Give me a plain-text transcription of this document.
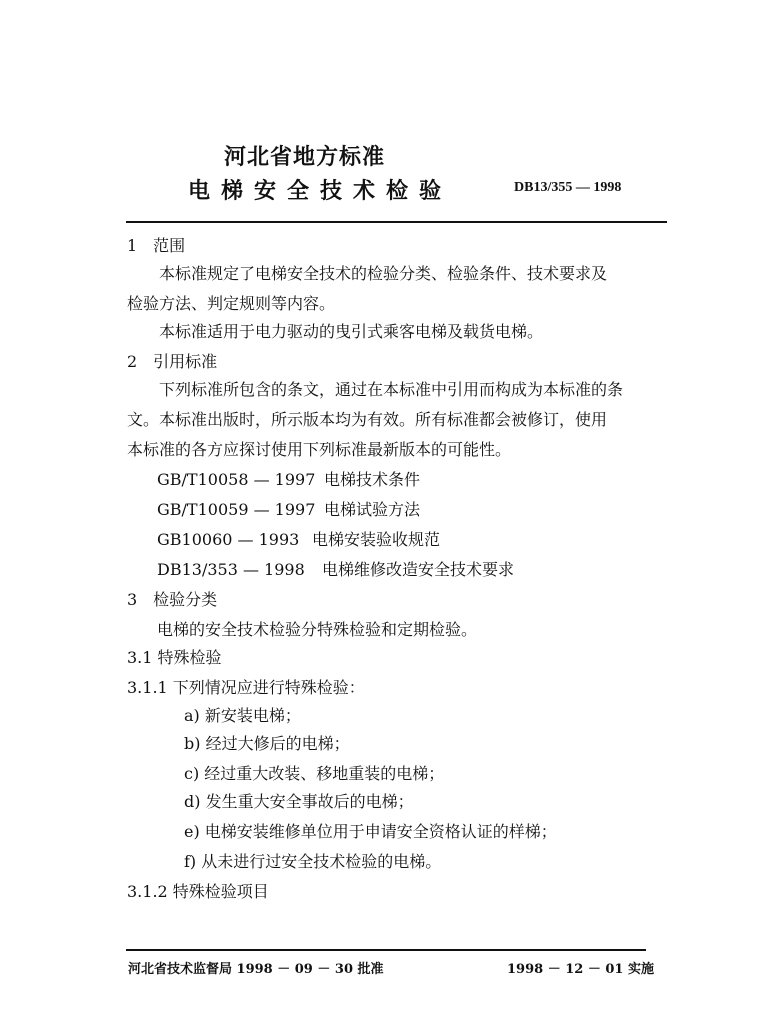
河北省地方标准
电梯安全技术检验	DB13/355 — 1998
1　范围
本标准规定了电梯安全技术的检验分类、检验条件、技术要求及
检验方法、判定规则等内容。
本标准适用于电力驱动的曳引式乘客电梯及载货电梯。
2　引用标准
下列标准所包含的条文，通过在本标准中引用而构成为本标准的条
文。本标准出版时，所示版本均为有效。所有标准都会被修订，使用
本标准的各方应探讨使用下列标准最新版本的可能性。
GB/T10058 — 1997 电梯技术条件
GB/T10059 — 1997 电梯试验方法
GB10060 — 1993 电梯安装验收规范
DB13/353 — 1998 电梯维修改造安全技术要求
3　检验分类
电梯的安全技术检验分特殊检验和定期检验。
3.1 特殊检验
3.1.1 下列情况应进行特殊检验：
a) 新安装电梯；
b) 经过大修后的电梯；
c) 经过重大改装、移地重装的电梯；
d) 发生重大安全事故后的电梯；
e) 电梯安装维修单位用于申请安全资格认证的样梯；
f) 从未进行过安全技术检验的电梯。
3.1.2 特殊检验项目
河北省技术监督局 1998 － 09 － 30 批准	1998 － 12 － 01 实施
